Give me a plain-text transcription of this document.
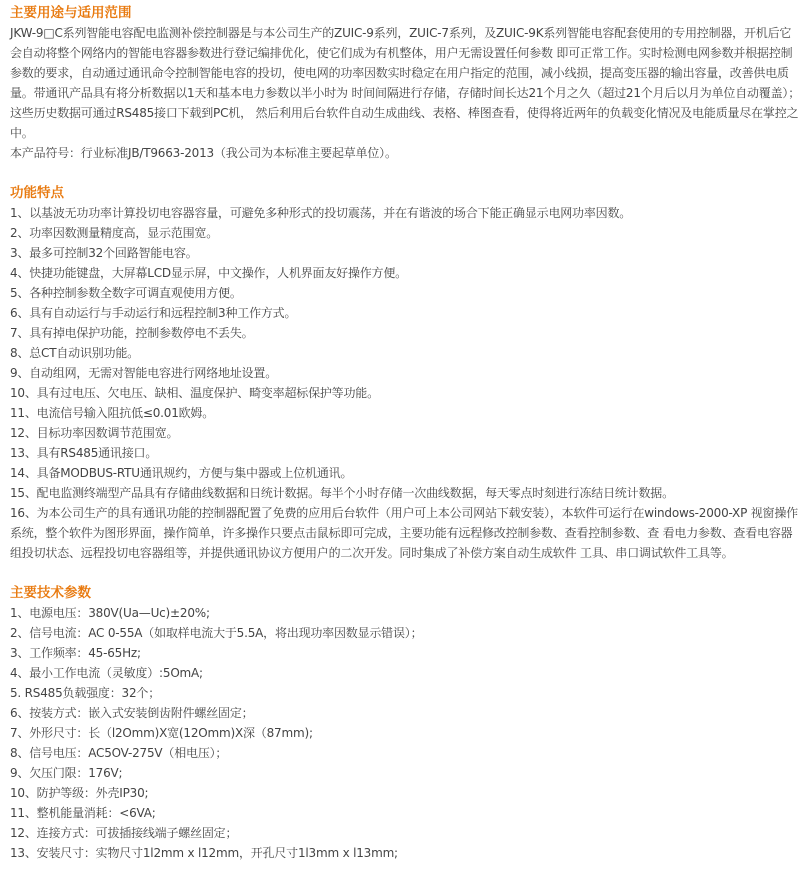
主要用途与适用范围

JKW-9□C系列智能电容配电监测补偿控制器是与本公司生产的ZUIC-9系列，ZUIC-7系列，及ZUIC-9K系列智能电容配套使用的专用控制器，开机后它会自动将整个网络内的智能电容器参数进行登记编排优化，使它们成为有机整体，用户无需设置任何参数 即可正常工作。实时检测电网参数并根据控制参数的要求，自动通过通讯命令控制智能电容的投切，使电网的功率因数实时稳定在用户指定的范围，减小线损，提高变压器的输出容量，改善供电质量。带通讯产品具有将分析数据以1天和基本电力参数以半小时为 时间间隔进行存储，存储时间长达21个月之久（超过21个月后以月为单位自动覆盖）；这些历史数据可通过RS485接口下载到PC机， 然后利用后台软件自动生成曲线、表格、棒图查看，使得将近两年的负载变化情况及电能质量尽在掌控之中。

本产品符号：行业标准JB/T9663-2013（我公司为本标准主要起草单位）。

功能特点

1、以基波无功功率计算投切电容器容量，可避免多种形式的投切震荡，并在有谐波的场合下能正确显示电网功率因数。

2、功率因数测量精度高，显示范围宽。

3、最多可控制32个回路智能电容。

4、快捷功能键盘，大屏幕LCD显示屏，中文操作，人机界面友好操作方便。

5、各种控制参数全数字可调直观使用方便。

6、具有自动运行与手动运行和远程控制3种工作方式。

7、具有掉电保护功能，控制参数停电不丢失。

8、总CT自动识别功能。

9、自动组网，无需对智能电容进行网络地址设置。

10、具有过电压、欠电压、缺相、温度保护、畸变率超标保护等功能。

11、电流信号输入阻抗低≤0.01欧姆。

12、目标功率因数调节范围宽。

13、具有RS485通讯接口。

14、具备MODBUS-RTU通讯规约，方便与集中器或上位机通讯。

15、配电监测终端型产品具有存储曲线数据和日统计数据。每半个小时存储一次曲线数据，每天零点时刻进行冻结日统计数据。

16、为本公司生产的具有通讯功能的控制器配置了免费的应用后台软件（用户可上本公司网站下载安装），本软件可运行在windows-2000-XP 视窗操作系统，整个软件为图形界面，操作简单，许多操作只要点击鼠标即可完成，主要功能有远程修改控制参数、查看控制参数、查 看电力参数、查看电容器组投切状态、远程投切电容器组等，并提供通讯协议方便用户的二次开发。同时集成了补偿方案自动生成软件 工具、串口调试软件工具等。

主要技术参数

1、电源电压：380V(Ua—Uc)±20%;

2、信号电流：AC 0-55A（如取样电流大于5.5A，将出现功率因数显示错误）；

3、工作频率：45-65Hz;

4、最小工作电流（灵敏度）:5OmA;

5. RS485负载强度：32个；

6、按装方式：嵌入式安装倒齿附件螺丝固定；

7、外形尺寸：长（l2Omm)X宽(12Omm)X深（87mm);

8、信号电压：AC5OV-275V（相电压）；

9、欠压门限：176V;

10、防护等级：外壳IP30;

11、整机能量消耗：<6VA;

12、连接方式：可拔插接线端子螺丝固定；

13、安装尺寸：实物尺寸1l2mm x l12mm，开孔尺寸1l3mm x l13mm;
